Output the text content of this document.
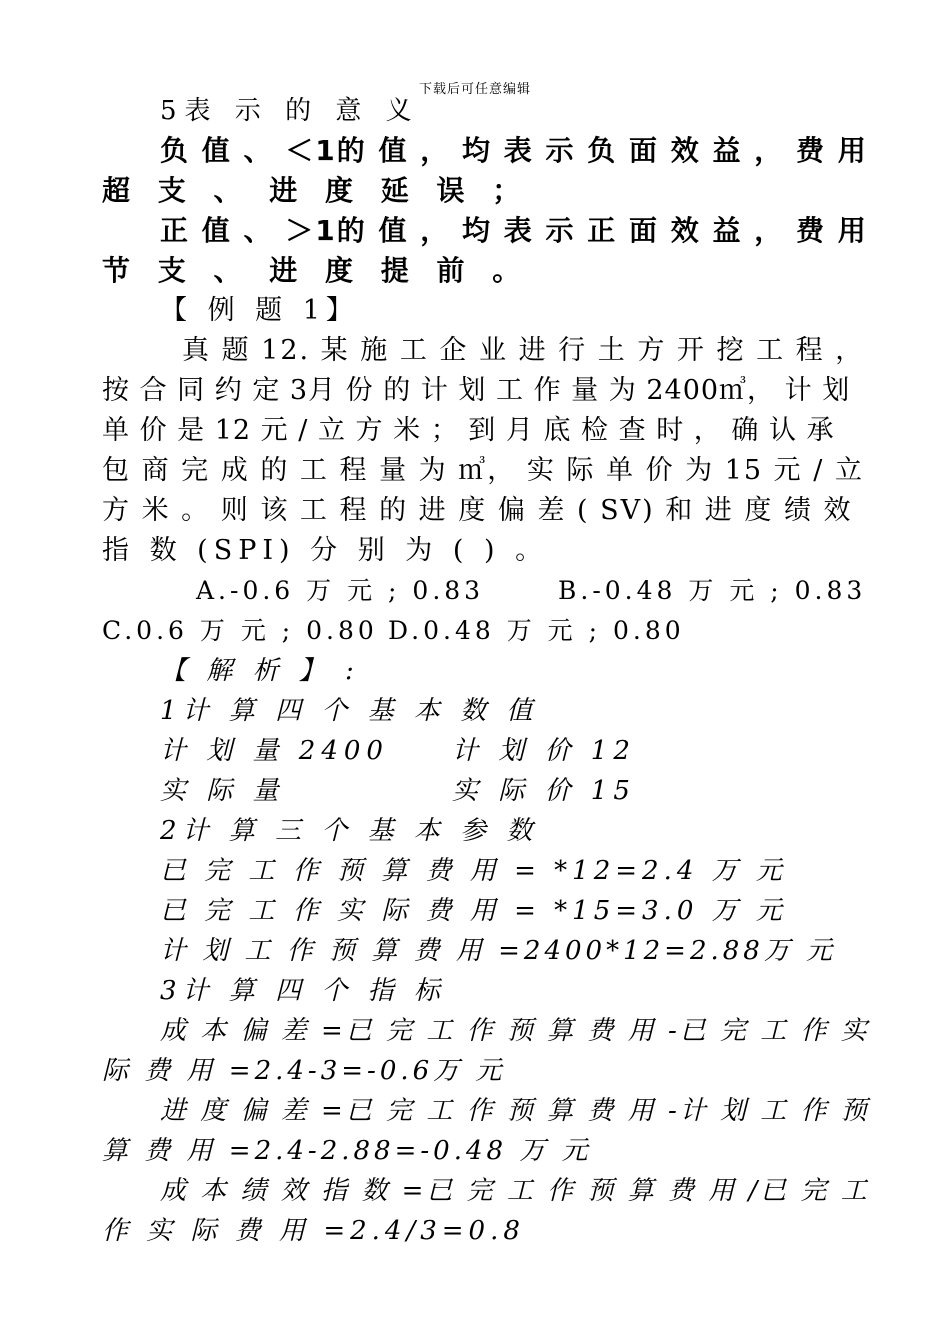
下载后可任意编辑
5表 示 的 意 义
负 值 、 ＜1的 值 ， 均 表 示 负 面 效 益 ， 费 用
超 支 、 进 度 延 误 ；
正 值 、 ＞1的 值 ， 均 表 示 正 面 效 益 ， 费 用
节 支 、 进 度 提 前 。
【 例 题 1】
真 题 12. 某 施 工 企 业 进 行 土 方 开 挖 工 程 ，
按 合 同 约 定 3月 份 的 计 划 工 作 量 为 2400㎥， 计 划
单 价 是 12 元 / 立 方 米 ； 到 月 底 检 查 时 ， 确 认 承
包 商 完 成 的 工 程 量 为 ㎥， 实 际 单 价 为 15 元 / 立
方 米 。 则 该 工 程 的 进 度 偏 差 ( SV) 和 进 度 绩 效
指 数 (SPI) 分 别 为 ( ) 。
A.-0.6 万 元 ; 0.83	B.-0.48 万 元 ; 0.83
C.0.6 万 元 ; 0.80 D.0.48 万 元 ; 0.80
【 解 析 】 :
1计 算 四 个 基 本 数 值
计 划 量 2400 计 划 价 12
实 际 量	实 际 价 15
2计 算 三 个 基 本 参 数
已 完 工 作 预 算 费 用 = *12=2.4 万 元
已 完 工 作 实 际 费 用 = *15=3.0 万 元
计 划 工 作 预 算 费 用 =2400*12=2.88万 元
3计 算 四 个 指 标
成 本 偏 差 =已 完 工 作 预 算 费 用 -已 完 工 作 实
际 费 用 =2.4-3=-0.6万 元
进 度 偏 差 =已 完 工 作 预 算 费 用 -计 划 工 作 预
算 费 用 =2.4-2.88=-0.48 万 元
成 本 绩 效 指 数 =已 完 工 作 预 算 费 用 /已 完 工
作 实 际 费 用 =2.4/3=0.8
